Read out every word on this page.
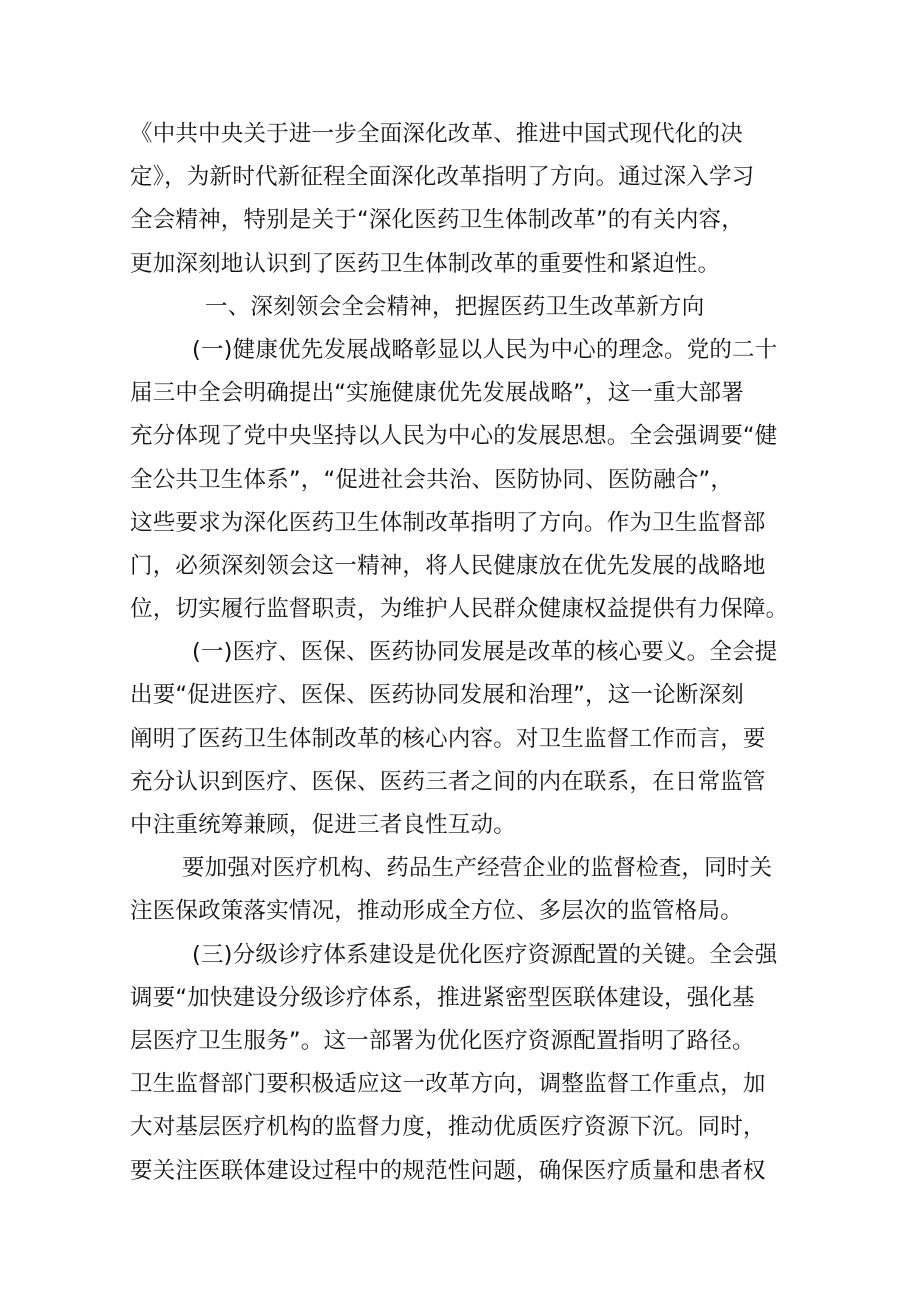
《中共中央关于进一步全面深化改革、推进中国式现代化的决
定》，为新时代新征程全面深化改革指明了方向。通过深入学习
全会精神，特别是关于“深化医药卫生体制改革”的有关内容，
更加深刻地认识到了医药卫生体制改革的重要性和紧迫性。
一、深刻领会全会精神，把握医药卫生改革新方向
(一)健康优先发展战略彰显以人民为中心的理念。党的二十
届三中全会明确提出“实施健康优先发展战略”，这一重大部署
充分体现了党中央坚持以人民为中心的发展思想。全会强调要“健
全公共卫生体系”，“促进社会共治、医防协同、医防融合”，
这些要求为深化医药卫生体制改革指明了方向。作为卫生监督部
门，必须深刻领会这一精神，将人民健康放在优先发展的战略地
位，切实履行监督职责，为维护人民群众健康权益提供有力保障。
(一)医疗、医保、医药协同发展是改革的核心要义。全会提
出要“促进医疗、医保、医药协同发展和治理”，这一论断深刻
阐明了医药卫生体制改革的核心内容。对卫生监督工作而言，要
充分认识到医疗、医保、医药三者之间的内在联系，在日常监管
中注重统筹兼顾，促进三者良性互动。
要加强对医疗机构、药品生产经营企业的监督检查，同时关
注医保政策落实情况，推动形成全方位、多层次的监管格局。
(三)分级诊疗体系建设是优化医疗资源配置的关键。全会强
调要“加快建设分级诊疗体系，推进紧密型医联体建设，强化基
层医疗卫生服务”。这一部署为优化医疗资源配置指明了路径。
卫生监督部门要积极适应这一改革方向，调整监督工作重点，加
大对基层医疗机构的监督力度，推动优质医疗资源下沉。同时，
要关注医联体建设过程中的规范性问题，确保医疗质量和患者权
